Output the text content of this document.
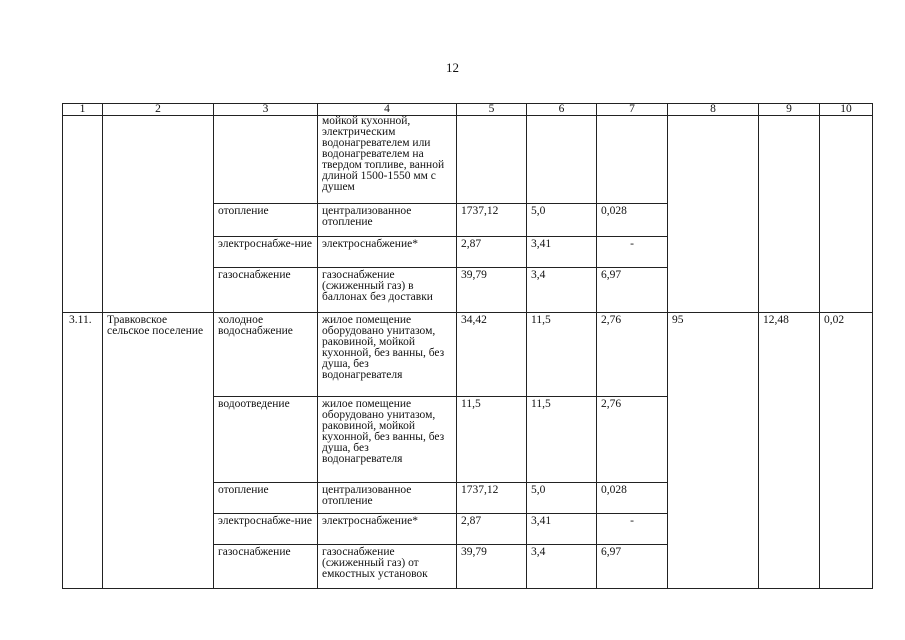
12
1	2	3	4	5	6	7	8	9	10
			мойкой кухонной, электрическим водонагревателем или водонагревателем на твердом топливе, ванной длиной 1500-1550 мм с душем						
		отопление	централизованное отопление	1737,12	5,0	0,028			
		электроснабже-ние	электроснабжение*	2,87	3,41	-			
		газоснабжение	газоснабжение (сжиженный газ) в баллонах без доставки	39,79	3,4	6,97			
3.11.	Травковское сельское поселение	холодное водоснабжение	жилое помещение оборудовано унитазом, раковиной, мойкой кухонной, без ванны, без душа, без водонагревателя	34,42	11,5	2,76	95	12,48	0,02
		водоотведение	жилое помещение оборудовано унитазом, раковиной, мойкой кухонной, без ванны, без душа, без водонагревателя	11,5	11,5	2,76			
		отопление	централизованное отопление	1737,12	5,0	0,028			
		электроснабже-ние	электроснабжение*	2,87	3,41	-			
		газоснабжение	газоснабжение (сжиженный газ) от емкостных установок	39,79	3,4	6,97			
